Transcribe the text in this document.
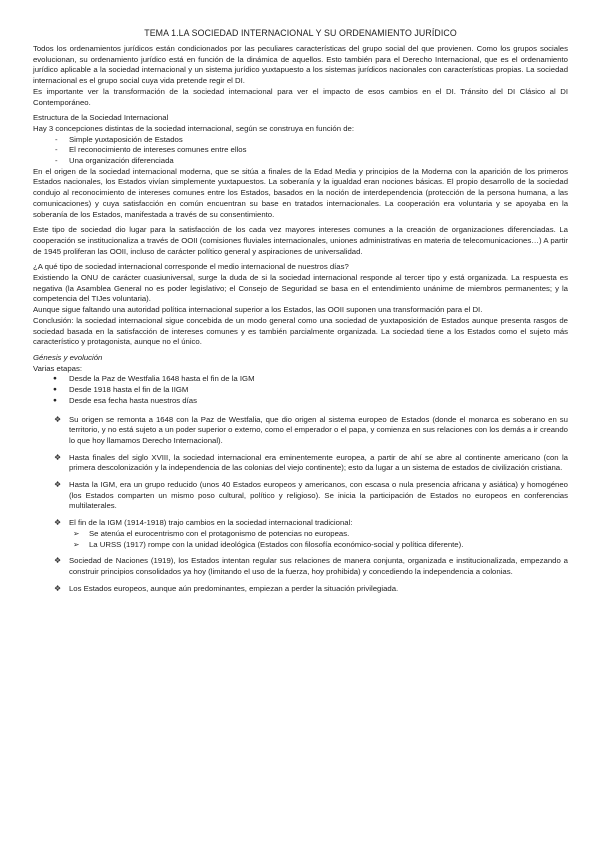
TEMA 1.LA SOCIEDAD INTERNACIONAL Y SU ORDENAMIENTO JURÍDICO

Todos los ordenamientos jurídicos están condicionados por las peculiares características del grupo social del que provienen. Como los grupos sociales evolucionan, su ordenamiento jurídico está en función de la dinámica de aquellos. Esto también para el Derecho Internacional, que es el ordenamiento jurídico aplicable a la sociedad internacional y un sistema jurídico yuxtapuesto a los sistemas jurídicos nacionales con características propias. La sociedad internacional es el grupo social cuya vida pretende regir el DI.

Es importante ver la transformación de la sociedad internacional para ver el impacto de esos cambios en el DI. Tránsito del DI Clásico al DI Contemporáneo.

Estructura de la Sociedad Internacional

Hay 3 concepciones distintas de la sociedad internacional, según se construya en función de:

- Simple yuxtaposición de Estados
- El reconocimiento de intereses comunes entre ellos
- Una organización diferenciada

En el origen de la sociedad internacional moderna, que se sitúa a finales de la Edad Media y principios de la Moderna con la aparición de los primeros Estados nacionales, los Estados vivían simplemente yuxtapuestos. La soberanía y la igualdad eran nociones básicas. El propio desarrollo de la sociedad condujo al reconocimiento de intereses comunes entre los Estados, basados en la noción de interdependencia (protección de la persona humana, a las comunicaciones) y cuya satisfacción en común encuentran su base en tratados internacionales. La cooperación era voluntaria y se apoyaba en la soberanía de los Estados, manifestada a través de su consentimiento.

Este tipo de sociedad dio lugar para la satisfacción de los cada vez mayores intereses comunes a la creación de organizaciones diferenciadas. La cooperación se institucionaliza a través de OOII (comisiones fluviales internacionales, uniones administrativas en materia de telecomunicaciones…) A partir de 1945 proliferan las OOII, incluso de carácter político general y aspiraciones de universalidad.

¿A qué tipo de sociedad internacional corresponde el medio internacional de nuestros días?

Existiendo la ONU de carácter cuasiuniversal, surge la duda de si la sociedad internacional responde al tercer tipo y está organizada. La respuesta es negativa (la Asamblea General no es poder legislativo; el Consejo de Seguridad se basa en el entendimiento unánime de miembros permanentes; y la competencia del TIJes voluntaria).

Aunque sigue faltando una autoridad política internacional superior a los Estados, las OOII suponen una transformación para el DI.

Conclusión: la sociedad internacional sigue concebida de un modo general como una sociedad de yuxtaposición de Estados aunque presenta rasgos de sociedad basada en la satisfacción de intereses comunes y es también parcialmente organizada. La sociedad tiene a los Estados como el sujeto más característico y protagonista, aunque no el único.

Génesis y evolución

Varias etapas:

● Desde la Paz de Westfalia 1648 hasta el fin de la IGM
● Desde 1918 hasta el fin de la IIGM
● Desde esa fecha hasta nuestros días
❖ Su origen se remonta a 1648 con la Paz de Westfalia, que dio origen al sistema europeo de Estados (donde el monarca es soberano en su territorio, y no está sujeto a un poder superior o externo, como el emperador o el papa, y comienza en sus relaciones con los demás a ir creando lo que hoy llamamos Derecho Internacional).
❖ Hasta finales del siglo XVIII, la sociedad internacional era eminentemente europea, a partir de ahí se abre al continente americano (con la primera descolonización y la independencia de las colonias del viejo continente); esto da lugar a un sistema de estados de civilización cristiana.
❖ Hasta la IGM, era un grupo reducido (unos 40 Estados europeos y americanos, con escasa o nula presencia africana y asiática) y homogéneo (los Estados comparten un mismo poso cultural, político y religioso). Se inicia la participación de Estados no europeos en conferencias multilaterales.
❖ El fin de la IGM (1914-1918) trajo cambios en la sociedad internacional tradicional:
➢ Se atenúa el eurocentrismo con el protagonismo de potencias no europeas.
➢ La URSS (1917) rompe con la unidad ideológica (Estados con filosofía económico-social y política diferente).
❖ Sociedad de Naciones (1919), los Estados intentan regular sus relaciones de manera conjunta, organizada e institucionalizada, empezando a construir principios consolidados ya hoy (limitando el uso de la fuerza, hoy prohibida) y concediendo la independencia a colonias.
❖ Los Estados europeos, aunque aún predominantes, empiezan a perder la situación privilegiada.
